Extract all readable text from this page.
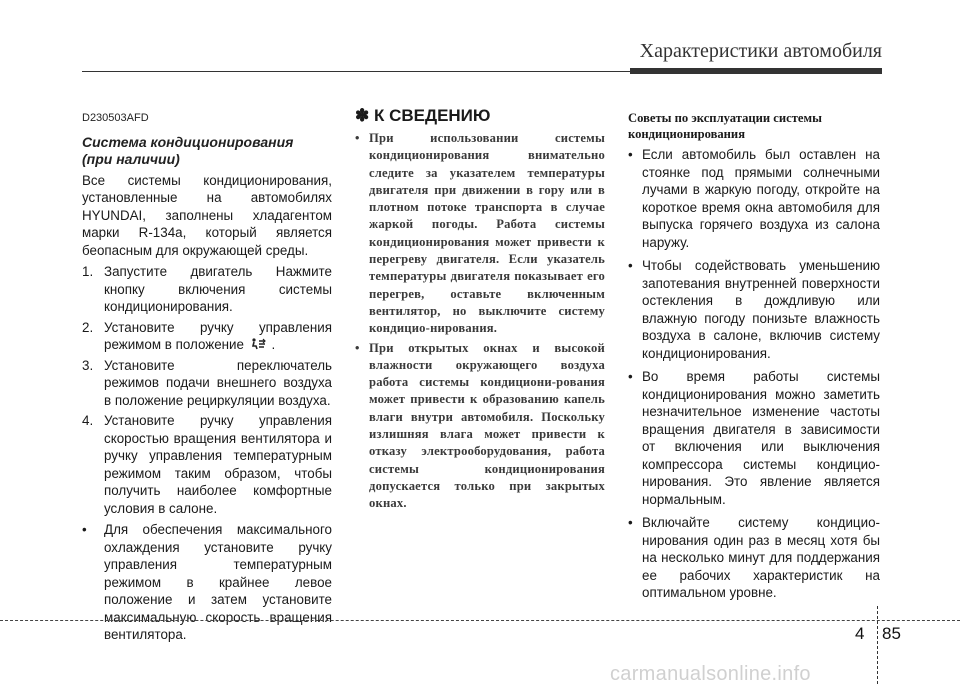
Характеристики автомобиля
D230503AFD
Система кондиционирования
(при наличии)

Все системы кондиционирования, установленные на автомобилях HYUNDAI, заполнены хладагентом марки R-134a, который является беопасным для окружающей среды.

1. Запустите двигатель Нажмите кнопку включения системы кондиционирования.
2. Установите ручку управления режимом в положение .
3. Установите переключатель режимов подачи внешнего воздуха в положение рециркуляции воздуха.
4. Установите ручку управления скоростью вращения вентилятора и ручку управления температурным режимом таким образом, чтобы получить наиболее комфортные условия в салоне.
• Для обеспечения максимального охлаждения установите ручку управления температурным режимом в крайнее левое положение и затем установите максимальную скорость вращения вентилятора.
✽ К СВЕДЕНИЮ
• При использовании системы кондиционирования внимательно следите за указателем температуры двигателя при движении в гору или в плотном потоке транспорта в случае жаркой погоды. Работа системы кондиционирования может привести к перегреву двигателя. Если указатель температуры двигателя показывает его перегрев, оставьте включенным вентилятор, но выключите систему кондицио-нирования.
• При открытых окнах и высокой влажности окружающего воздуха работа системы кондициони-рования может привести к образованию капель влаги внутри автомобиля. Поскольку излишняя влага может привести к отказу электрооборудования, работа системы кондиционирования допускается только при закрытых окнах.
Советы по эксплуатации системы кондиционирования
• Если автомобиль был оставлен на стоянке под прямыми солнечными лучами в жаркую погоду, откройте на короткое время окна автомобиля для выпуска горячего воздуха из салона наружу.
• Чтобы содействовать уменьшению запотевания внутренней поверхности остекления в дождливую или влажную погоду понизьте влажность воздуха в салоне, включив систему кондиционирования.
• Во время работы системы кондиционирования можно заметить незначительное изменение частоты вращения двигателя в зависимости от включения или выключения компрессора системы кондицио-нирования. Это явление является нормальным.
• Включайте систему кондицио-нирования один раз в месяц хотя бы на несколько минут для поддержания ее рабочих характеристик на оптимальном уровне.
4 85
carmanualsonline.info
